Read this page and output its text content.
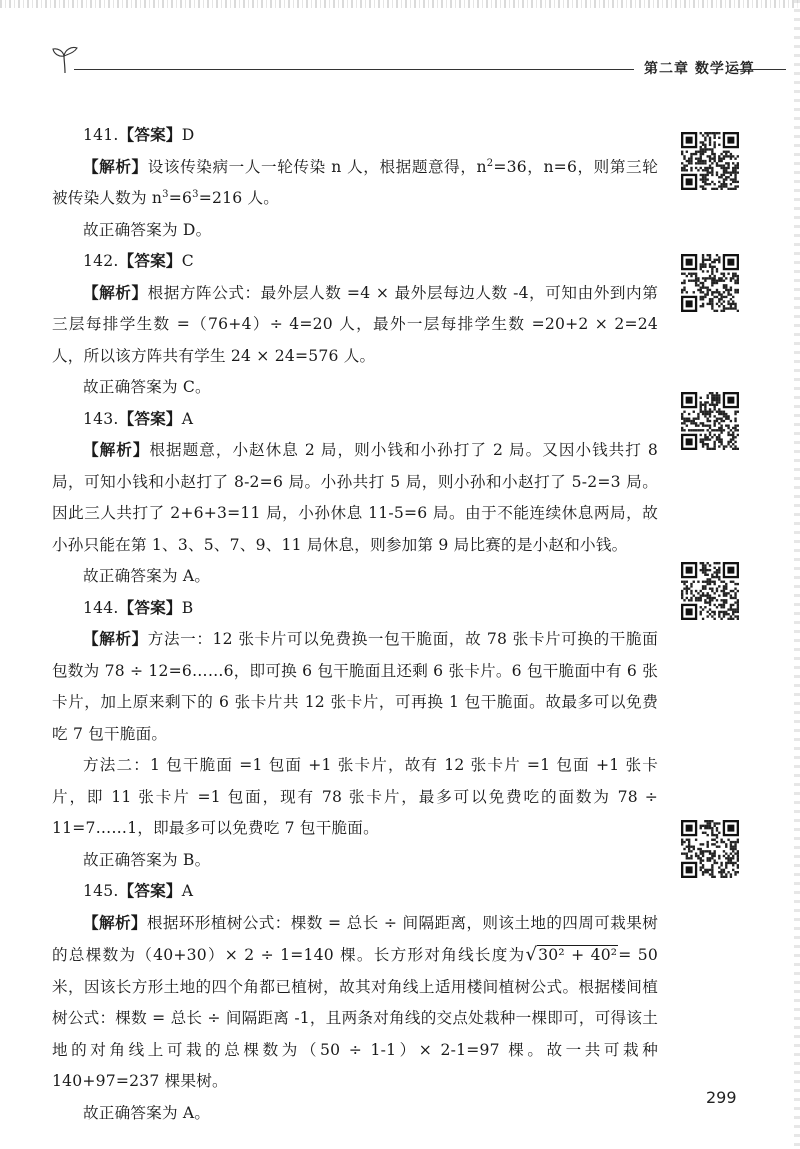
第二章 数学运算

141.【答案】D

【解析】设该传染病一人一轮传染 n 人，根据题意得，$n^2=36$，n=6，则第三轮被传染人数为 $n^3=6^3=216$ 人。

故正确答案为 D。

142.【答案】C

【解析】根据方阵公式：最外层人数 =4 × 最外层每边人数 -4，可知由外到内第三层每排学生数 =（76+4）÷ 4=20 人，最外一层每排学生数 =20+2 × 2=24 人，所以该方阵共有学生 24 × 24=576 人。

故正确答案为 C。

143.【答案】A

【解析】根据题意，小赵休息 2 局，则小钱和小孙打了 2 局。又因小钱共打 8 局，可知小钱和小赵打了 8-2=6 局。小孙共打 5 局，则小孙和小赵打了 5-2=3 局。因此三人共打了 2+6+3=11 局，小孙休息 11-5=6 局。由于不能连续休息两局，故小孙只能在第 1、3、5、7、9、11 局休息，则参加第 9 局比赛的是小赵和小钱。

故正确答案为 A。

144.【答案】B

【解析】方法一：12 张卡片可以免费换一包干脆面，故 78 张卡片可换的干脆面包数为 78 ÷ 12=6……6，即可换 6 包干脆面且还剩 6 张卡片。6 包干脆面中有 6 张卡片，加上原来剩下的 6 张卡片共 12 张卡片，可再换 1 包干脆面。故最多可以免费吃 7 包干脆面。

方法二：1 包干脆面 =1 包面 +1 张卡片，故有 12 张卡片 =1 包面 +1 张卡片，即 11 张卡片 =1 包面，现有 78 张卡片，最多可以免费吃的面数为 78 ÷ 11=7……1，即最多可以免费吃 7 包干脆面。

故正确答案为 B。

145.【答案】A

【解析】根据环形植树公式：棵数 = 总长 ÷ 间隔距离，则该土地的四周可栽果树的总棵数为（40+30）× 2 ÷ 1=140 棵。长方形对角线长度为√30² + 40²= 50米，因该长方形土地的四个角都已植树，故其对角线上适用楼间植树公式。根据楼间植树公式：棵数 = 总长 ÷ 间隔距离 -1，且两条对角线的交点处栽种一棵即可，可得该土地的对角线上可栽的总棵数为（50 ÷ 1-1）× 2-1=97 棵。故一共可栽种 140+97=237 棵果树。

故正确答案为 A。

299
